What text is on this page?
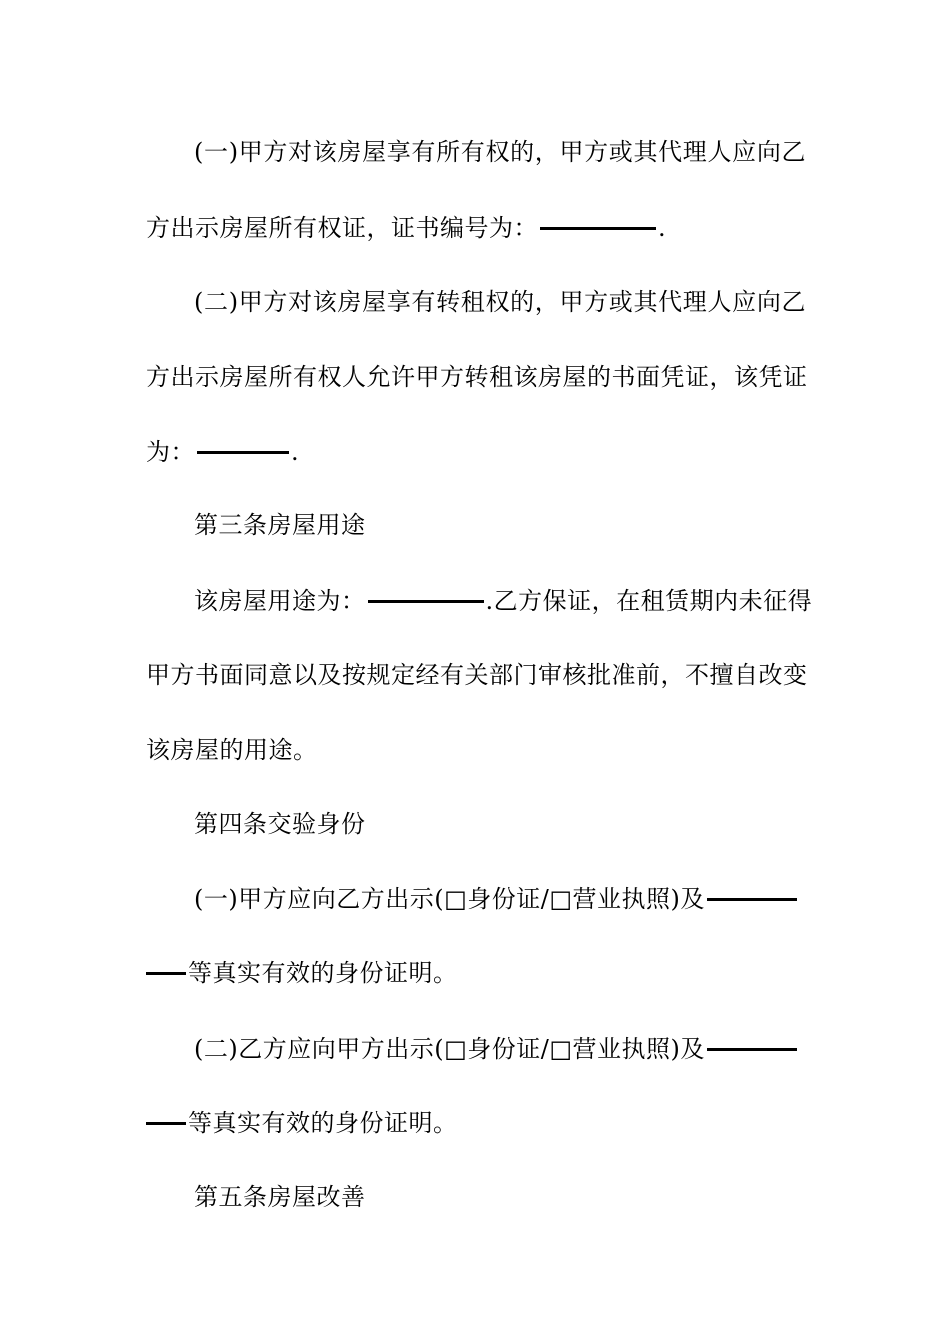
(一)甲方对该房屋享有所有权的，甲方或其代理人应向乙
方出示房屋所有权证，证书编号为：	.
(二)甲方对该房屋享有转租权的，甲方或其代理人应向乙
方出示房屋所有权人允许甲方转租该房屋的书面凭证，该凭证
为：	.
第三条房屋用途
该房屋用途为：	.乙方保证，在租赁期内未征得
甲方书面同意以及按规定经有关部门审核批准前，不擅自改变
该房屋的用途。
第四条交验身份
(一)甲方应向乙方出示(□身份证/□营业执照)及
等真实有效的身份证明。
(二)乙方应向甲方出示(□身份证/□营业执照)及
等真实有效的身份证明。
第五条房屋改善
